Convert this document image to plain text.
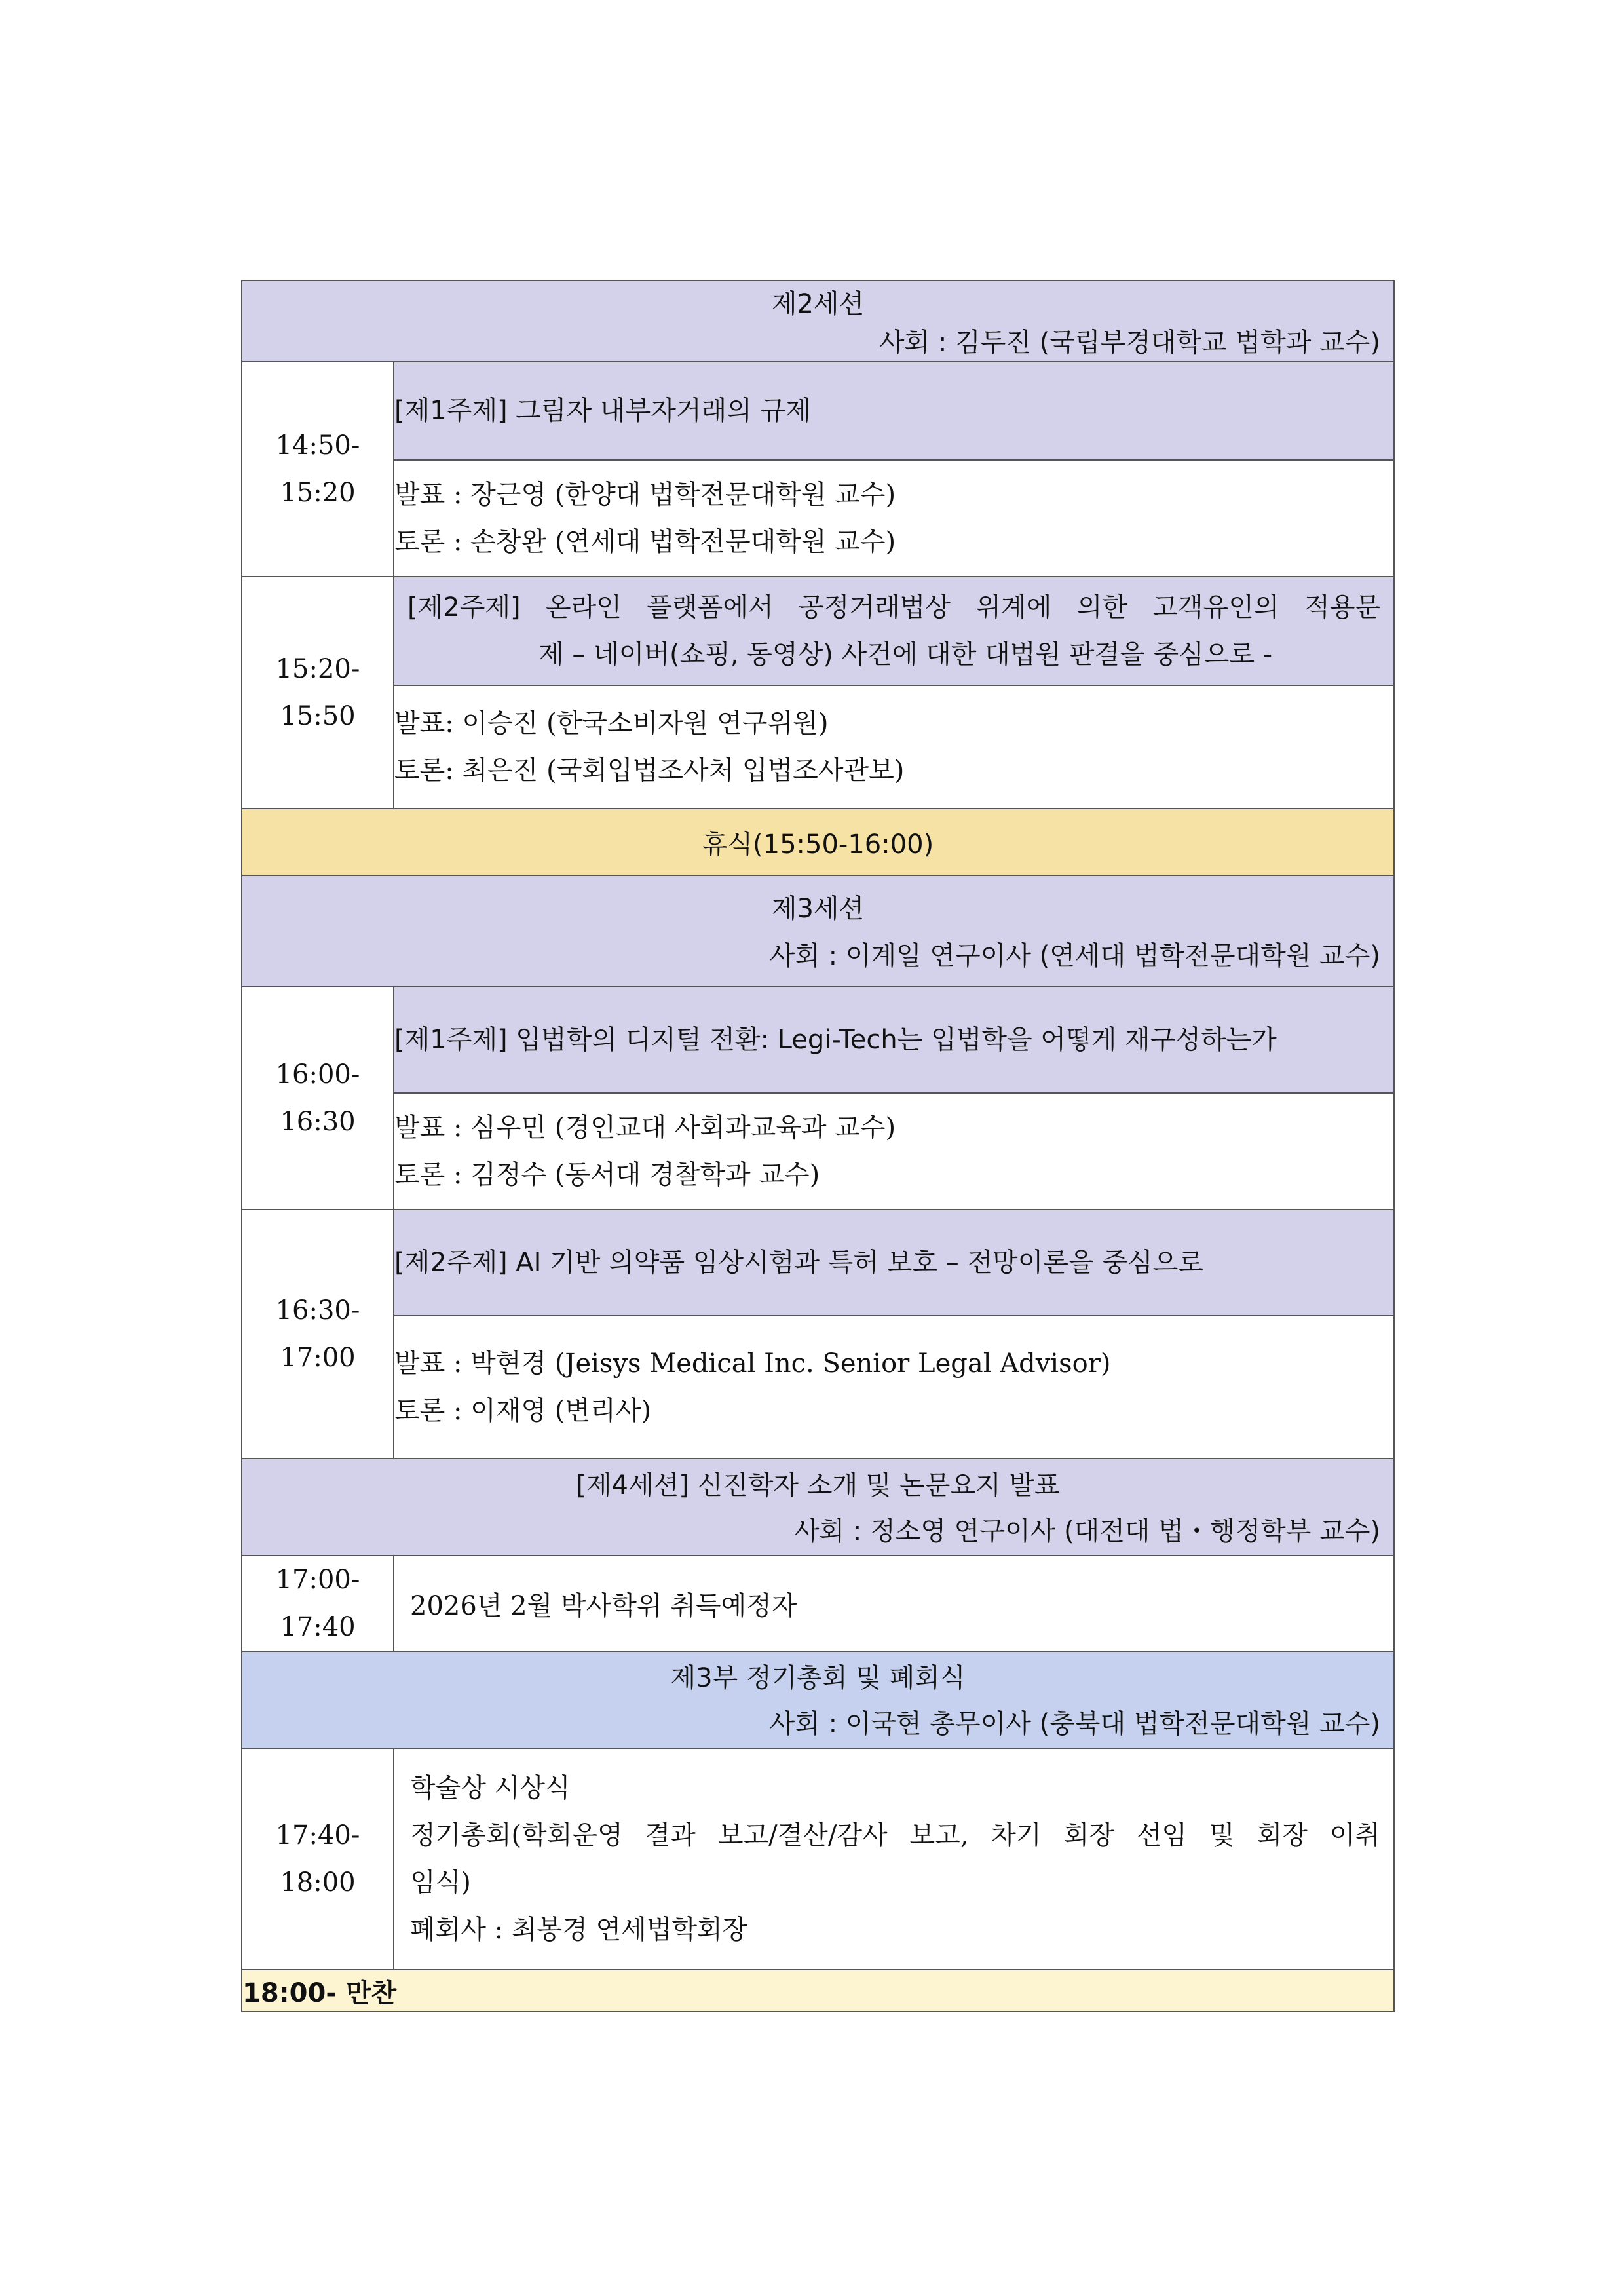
제2세션
사회 : 김두진 (국립부경대학교 법학과 교수)	

14:50-
15:20	[제1주제] 그림자 내부자거래의 규제

	발표 : 장근영 (한양대 법학전문대학원 교수)
토론 : 손창완 (연세대 법학전문대학원 교수)

15:20-
15:50	[제2주제] 온라인 플랫폼에서 공정거래법상 위계에 의한 고객유인의 적용문
제 – 네이버(쇼핑, 동영상) 사건에 대한 대법원 판결을 중심으로 -

	발표: 이승진 (한국소비자원 연구위원)
토론: 최은진 (국회입법조사처 입법조사관보)

휴식(15:50-16:00)	

제3세션
사회 : 이계일 연구이사 (연세대 법학전문대학원 교수)	

16:00-
16:30	[제1주제] 입법학의 디지털 전환: Legi-Tech는 입법학을 어떻게 재구성하는가

	발표 : 심우민 (경인교대 사회과교육과 교수)
토론 : 김정수 (동서대 경찰학과 교수)

16:30-
17:00	[제2주제] AI 기반 의약품 임상시험과 특허 보호 – 전망이론을 중심으로

	발표 : 박현경 (Jeisys Medical Inc. Senior Legal Advisor)
토론 : 이재영 (변리사)

[제4세션] 신진학자 소개 및 논문요지 발표
사회 : 정소영 연구이사 (대전대 법・행정학부 교수)	

17:00-
17:40	2026년 2월 박사학위 취득예정자

제3부 정기총회 및 폐회식
사회 : 이국현 총무이사 (충북대 법학전문대학원 교수)	

17:40-
18:00	학술상 시상식
정기총회(학회운영 결과 보고/결산/감사 보고, 차기 회장 선임 및 회장 이취
임식)
폐회사 : 최봉경 연세법학회장

18:00- 만찬	
